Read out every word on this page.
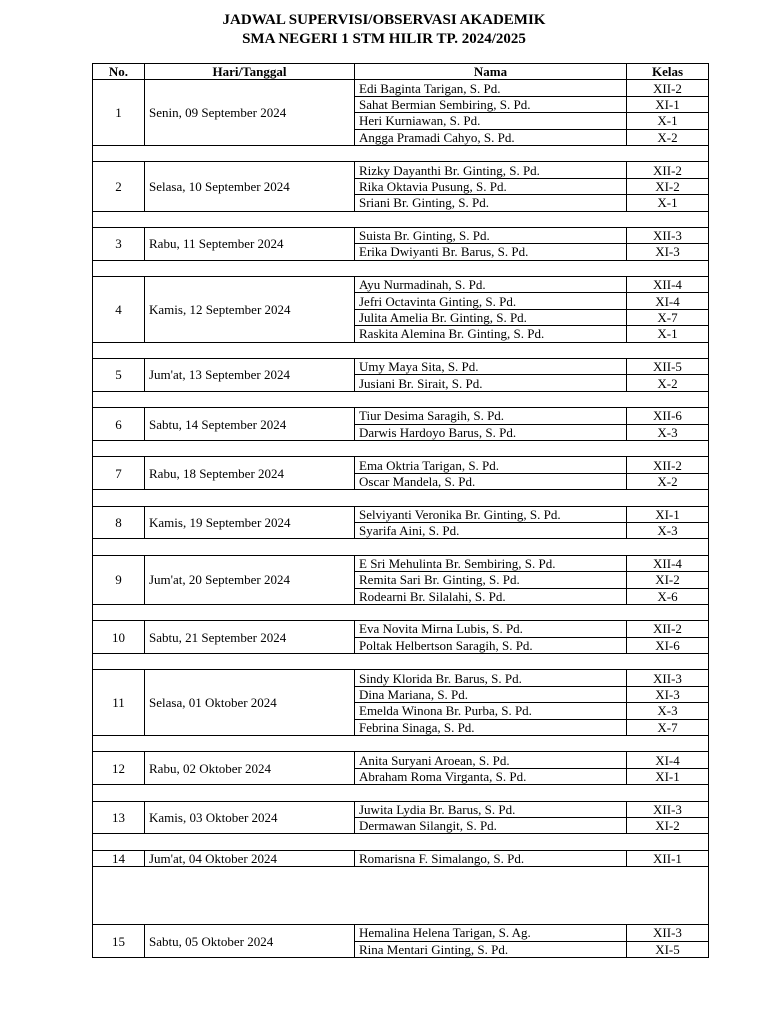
JADWAL SUPERVISI/OBSERVASI AKADEMIK
SMA NEGERI 1 STM HILIR TP. 2024/2025
No.	Hari/Tanggal	Nama	Kelas
1	Senin, 09 September 2024	Edi Baginta Tarigan, S. Pd.	XII-2
		Sahat Bermian Sembiring, S. Pd.	XI-1
		Heri Kurniawan, S. Pd.	X-1
		Angga Pramadi Cahyo, S. Pd.	X-2

2	Selasa, 10 September 2024	Rizky Dayanthi Br. Ginting, S. Pd.	XII-2
		Rika Oktavia Pusung, S. Pd.	XI-2
		Sriani Br. Ginting, S. Pd.	X-1

3	Rabu, 11 September 2024	Suista Br. Ginting, S. Pd.	XII-3
		Erika Dwiyanti Br. Barus, S. Pd.	XI-3

4	Kamis, 12 September 2024	Ayu Nurmadinah, S. Pd.	XII-4
		Jefri Octavinta Ginting, S. Pd.	XI-4
		Julita Amelia Br. Ginting, S. Pd.	X-7
		Raskita Alemina Br. Ginting, S. Pd.	X-1

5	Jum'at, 13 September 2024	Umy Maya Sita, S. Pd.	XII-5
		Jusiani Br. Sirait, S. Pd.	X-2

6	Sabtu, 14 September 2024	Tiur Desima Saragih, S. Pd.	XII-6
		Darwis Hardoyo Barus, S. Pd.	X-3

7	Rabu, 18 September 2024	Ema Oktria Tarigan, S. Pd.	XII-2
		Oscar Mandela, S. Pd.	X-2

8	Kamis, 19 September 2024	Selviyanti Veronika Br. Ginting, S. Pd.	XI-1
		Syarifa Aini, S. Pd.	X-3

9	Jum'at, 20 September 2024	E Sri Mehulinta Br. Sembiring, S. Pd.	XII-4
		Remita Sari Br. Ginting, S. Pd.	XI-2
		Rodearni Br. Silalahi, S. Pd.	X-6

10	Sabtu, 21 September 2024	Eva Novita Mirna Lubis, S. Pd.	XII-2
		Poltak Helbertson Saragih, S. Pd.	XI-6

11	Selasa, 01 Oktober 2024	Sindy Klorida Br. Barus, S. Pd.	XII-3
		Dina Mariana, S. Pd.	XI-3
		Emelda Winona Br. Purba, S. Pd.	X-3
		Febrina Sinaga, S. Pd.	X-7

12	Rabu, 02 Oktober 2024	Anita Suryani Aroean, S. Pd.	XI-4
		Abraham Roma Virganta, S. Pd.	XI-1

13	Kamis, 03 Oktober 2024	Juwita Lydia Br. Barus, S. Pd.	XII-3
		Dermawan Silangit, S. Pd.	XI-2

14	Jum'at, 04 Oktober 2024	Romarisna F. Simalango, S. Pd.	XII-1

15	Sabtu, 05 Oktober 2024	Hemalina Helena Tarigan, S. Ag.	XII-3
		Rina Mentari Ginting, S. Pd.	XI-5
